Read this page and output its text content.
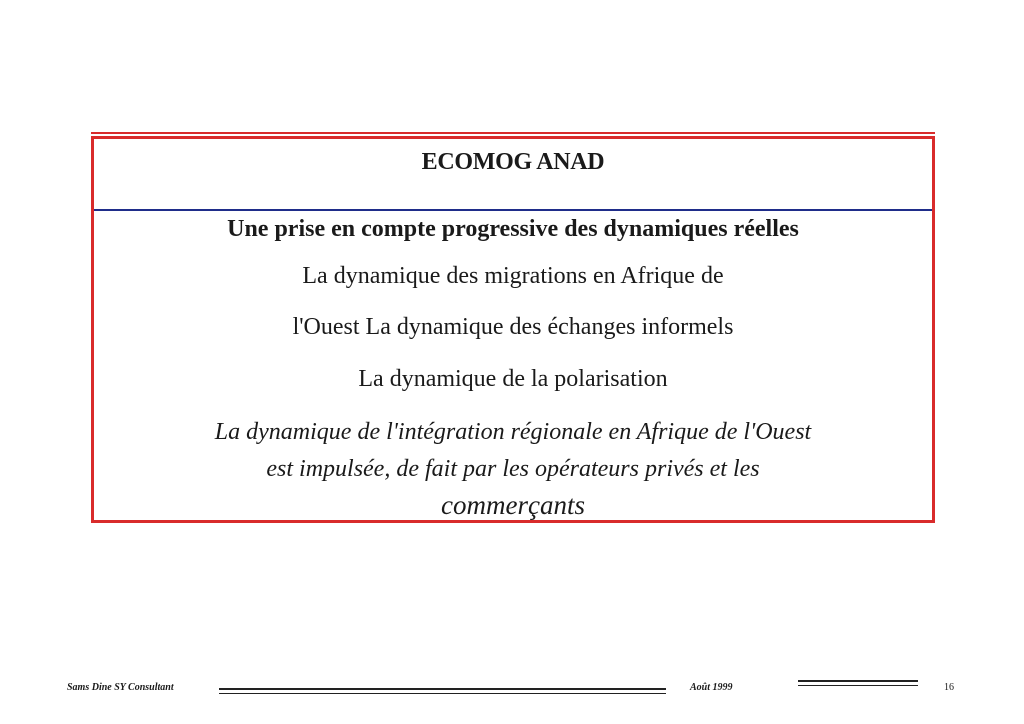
ECOMOG ANAD
Une prise en compte progressive des dynamiques réelles
La dynamique des migrations en Afrique de
l'Ouest La dynamique des échanges informels
La dynamique de la polarisation
La dynamique de l'intégration régionale en Afrique de l'Ouest
est impulsée, de fait par les opérateurs privés et les
commerçants
Sams Dine SY Consultant	Août 1999	16
